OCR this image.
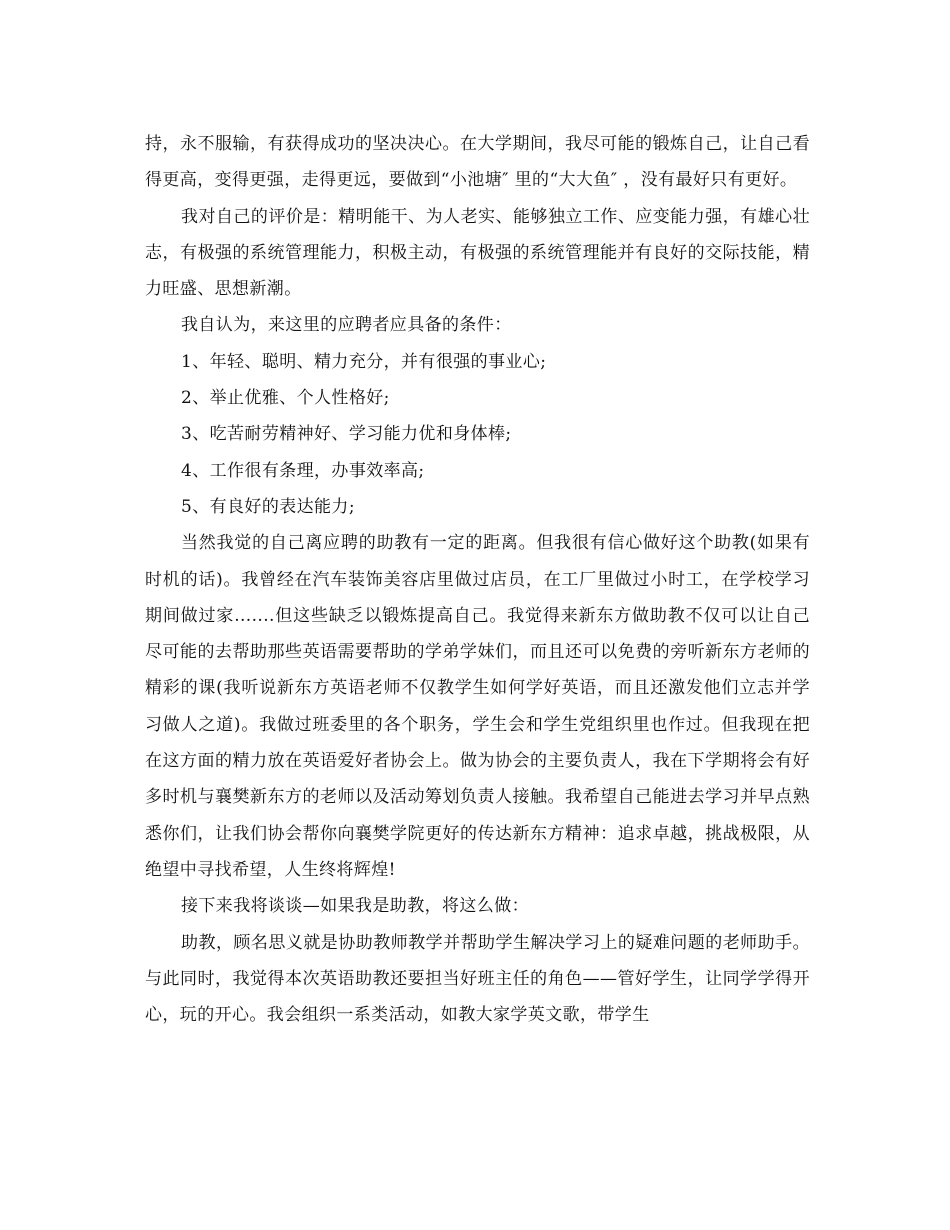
持，永不服输，有获得成功的坚决决心。在大学期间，我尽可能的锻炼自己，让自己看得更高，变得更强，走得更远，要做到“小池塘″ 里的“大大鱼″ ，没有最好只有更好。

我对自己的评价是：精明能干、为人老实、能够独立工作、应变能力强，有雄心壮志，有极强的系统管理能力，积极主动，有极强的系统管理能并有良好的交际技能，精力旺盛、思想新潮。

我自认为，来这里的应聘者应具备的条件：

1、年轻、聪明、精力充分，并有很强的事业心;

2、举止优雅、个人性格好;

3、吃苦耐劳精神好、学习能力优和身体棒;

4、工作很有条理，办事效率高;

5、有良好的表达能力;

当然我觉的自己离应聘的助教有一定的距离。但我很有信心做好这个助教(如果有时机的话)。我曾经在汽车装饰美容店里做过店员，在工厂里做过小时工，在学校学习期间做过家.......但这些缺乏以锻炼提高自己。我觉得来新东方做助教不仅可以让自己尽可能的去帮助那些英语需要帮助的学弟学妹们，而且还可以免费的旁听新东方老师的精彩的课(我听说新东方英语老师不仅教学生如何学好英语，而且还激发他们立志并学习做人之道)。我做过班委里的各个职务，学生会和学生党组织里也作过。但我现在把在这方面的精力放在英语爱好者协会上。做为协会的主要负责人，我在下学期将会有好多时机与襄樊新东方的老师以及活动筹划负责人接触。我希望自己能进去学习并早点熟悉你们，让我们协会帮你向襄樊学院更好的传达新东方精神：追求卓越，挑战极限，从绝望中寻找希望，人生终将辉煌!

接下来我将谈谈—如果我是助教，将这么做：

助教，顾名思义就是协助教师教学并帮助学生解决学习上的疑难问题的老师助手。与此同时，我觉得本次英语助教还要担当好班主任的角色——管好学生，让同学学得开心，玩的开心。我会组织一系类活动，如教大家学英文歌，带学生
